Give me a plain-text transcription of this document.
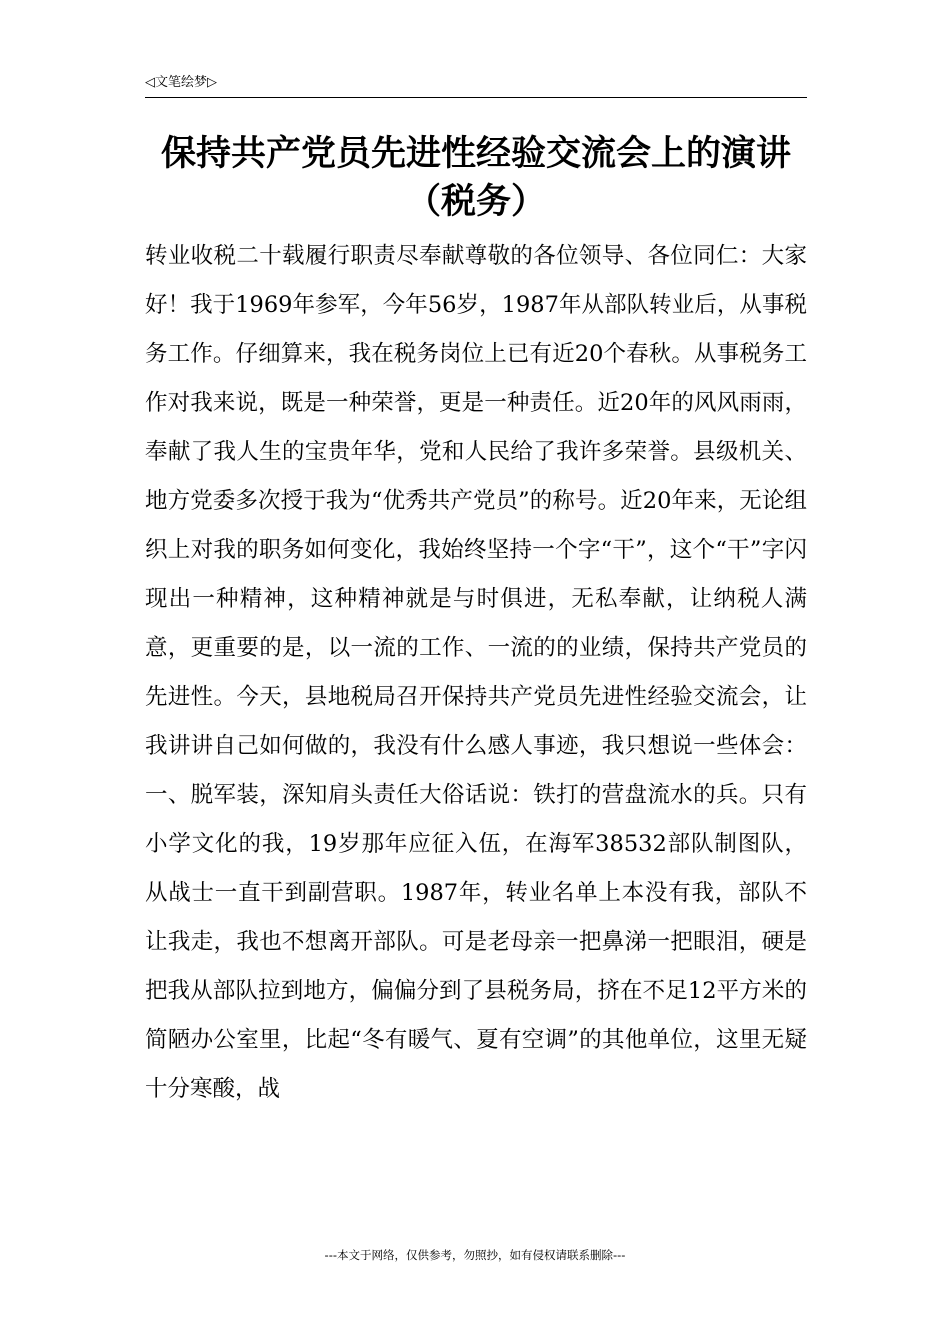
◁文笔绘梦▷
保持共产党员先进性经验交流会上的演讲（税务）

转业收税二十载履行职责尽奉献尊敬的各位领导、各位同仁：大家好！我于1969年参军，今年56岁，1987年从部队转业后，从事税务工作。仔细算来，我在税务岗位上已有近20个春秋。从事税务工作对我来说，既是一种荣誉，更是一种责任。近20年的风风雨雨，奉献了我人生的宝贵年华，党和人民给了我许多荣誉。县级机关、地方党委多次授于我为“优秀共产党员”的称号。近20年来，无论组织上对我的职务如何变化，我始终坚持一个字“干”，这个“干”字闪现出一种精神，这种精神就是与时俱进，无私奉献，让纳税人满意，更重要的是，以一流的工作、一流的的业绩，保持共产党员的先进性。今天，县地税局召开保持共产党员先进性经验交流会，让我讲讲自己如何做的，我没有什么感人事迹，我只想说一些体会：一、脱军装，深知肩头责任大俗话说：铁打的营盘流水的兵。只有小学文化的我，19岁那年应征入伍，在海军38532部队制图队，从战士一直干到副营职。1987年，转业名单上本没有我，部队不让我走，我也不想离开部队。可是老母亲一把鼻涕一把眼泪，硬是把我从部队拉到地方，偏偏分到了县税务局，挤在不足12平方米的简陋办公室里，比起“冬有暖气、夏有空调”的其他单位，这里无疑十分寒酸，战

---本文于网络，仅供参考，勿照抄，如有侵权请联系删除---
